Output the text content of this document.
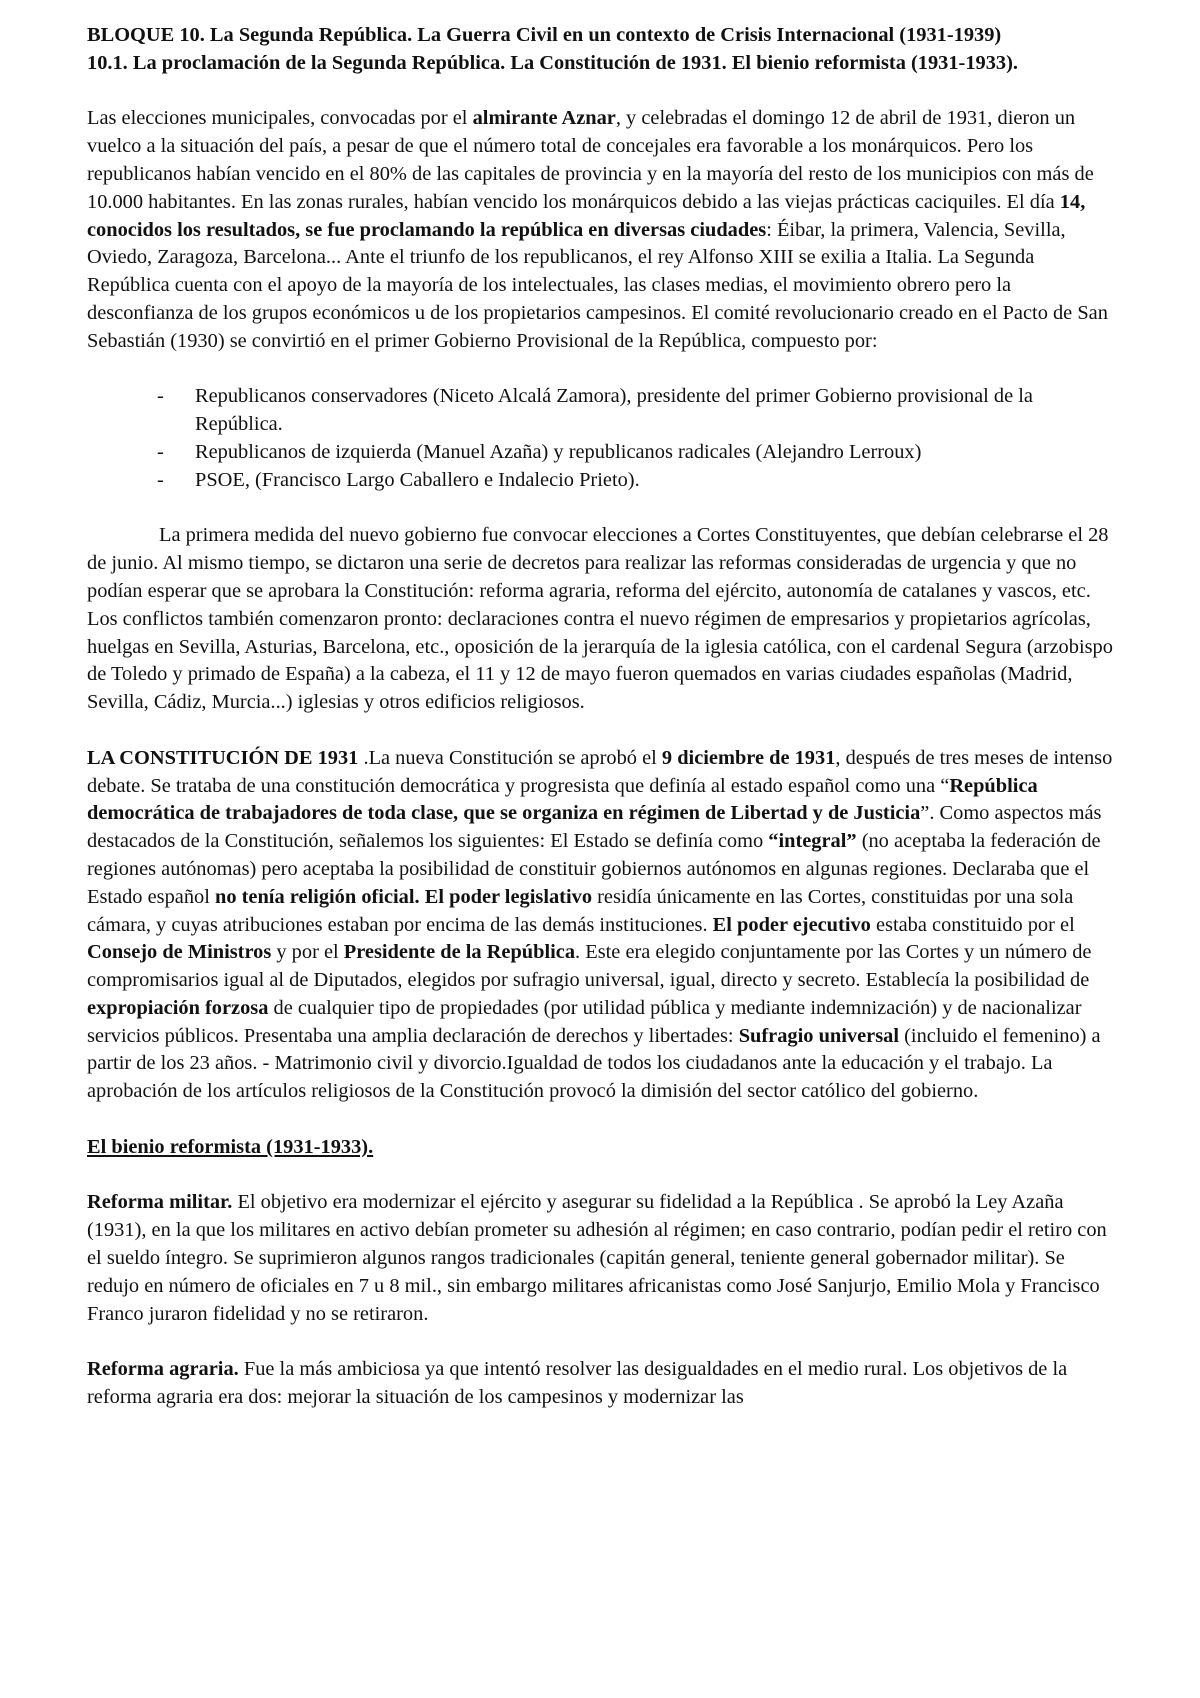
BLOQUE 10. La Segunda República. La Guerra Civil en un contexto de Crisis Internacional (1931-1939)
10.1. La proclamación de la Segunda República. La Constitución de 1931. El bienio reformista (1931-1933).

Las elecciones municipales, convocadas por el almirante Aznar, y celebradas el domingo 12 de abril de 1931, dieron un vuelco a la situación del país, a pesar de que el número total de concejales era favorable a los monárquicos. Pero los republicanos habían vencido en el 80% de las capitales de provincia y en la mayoría del resto de los municipios con más de 10.000 habitantes. En las zonas rurales, habían vencido los monárquicos debido a las viejas prácticas caciquiles. El día 14, conocidos los resultados, se fue proclamando la república en diversas ciudades: Éibar, la primera, Valencia, Sevilla, Oviedo, Zaragoza, Barcelona... Ante el triunfo de los republicanos, el rey Alfonso XIII se exilia a Italia. La Segunda República cuenta con el apoyo de la mayoría de los intelectuales, las clases medias, el movimiento obrero pero la desconfianza de los grupos económicos u de los propietarios campesinos. El comité revolucionario creado en el Pacto de San Sebastián (1930) se convirtió en el primer Gobierno Provisional de la República, compuesto por:

- Republicanos conservadores (Niceto Alcalá Zamora), presidente del primer Gobierno provisional de la República.
- Republicanos de izquierda (Manuel Azaña) y republicanos radicales (Alejandro Lerroux)
- PSOE, (Francisco Largo Caballero e Indalecio Prieto).

La primera medida del nuevo gobierno fue convocar elecciones a Cortes Constituyentes, que debían celebrarse el 28 de junio. Al mismo tiempo, se dictaron una serie de decretos para realizar las reformas consideradas de urgencia y que no podían esperar que se aprobara la Constitución: reforma agraria, reforma del ejército, autonomía de catalanes y vascos, etc. Los conflictos también comenzaron pronto: declaraciones contra el nuevo régimen de empresarios y propietarios agrícolas, huelgas en Sevilla, Asturias, Barcelona, etc., oposición de la jerarquía de la iglesia católica, con el cardenal Segura (arzobispo de Toledo y primado de España) a la cabeza, el 11 y 12 de mayo fueron quemados en varias ciudades españolas (Madrid, Sevilla, Cádiz, Murcia...) iglesias y otros edificios religiosos.

LA CONSTITUCIÓN DE 1931 .La nueva Constitución se aprobó el 9 diciembre de 1931, después de tres meses de intenso debate. Se trataba de una constitución democrática y progresista que definía al estado español como una “República democrática de trabajadores de toda clase, que se organiza en régimen de Libertad y de Justicia”. Como aspectos más destacados de la Constitución, señalemos los siguientes: El Estado se definía como “integral” (no aceptaba la federación de regiones autónomas) pero aceptaba la posibilidad de constituir gobiernos autónomos en algunas regiones. Declaraba que el Estado español no tenía religión oficial. El poder legislativo residía únicamente en las Cortes, constituidas por una sola cámara, y cuyas atribuciones estaban por encima de las demás instituciones. El poder ejecutivo estaba constituido por el Consejo de Ministros y por el Presidente de la República. Este era elegido conjuntamente por las Cortes y un número de compromisarios igual al de Diputados, elegidos por sufragio universal, igual, directo y secreto. Establecía la posibilidad de expropiación forzosa de cualquier tipo de propiedades (por utilidad pública y mediante indemnización) y de nacionalizar servicios públicos. Presentaba una amplia declaración de derechos y libertades: Sufragio universal (incluido el femenino) a partir de los 23 años. - Matrimonio civil y divorcio.Igualdad de todos los ciudadanos ante la educación y el trabajo. La aprobación de los artículos religiosos de la Constitución provocó la dimisión del sector católico del gobierno.

El bienio reformista (1931-1933).

Reforma militar. El objetivo era modernizar el ejército y asegurar su fidelidad a la República . Se aprobó la Ley Azaña (1931), en la que los militares en activo debían prometer su adhesión al régimen; en caso contrario, podían pedir el retiro con el sueldo íntegro. Se suprimieron algunos rangos tradicionales (capitán general, teniente general gobernador militar). Se redujo en número de oficiales en 7 u 8 mil., sin embargo militares africanistas como José Sanjurjo, Emilio Mola y Francisco Franco juraron fidelidad y no se retiraron.

Reforma agraria. Fue la más ambiciosa ya que intentó resolver las desigualdades en el medio rural. Los objetivos de la reforma agraria era dos: mejorar la situación de los campesinos y modernizar las
